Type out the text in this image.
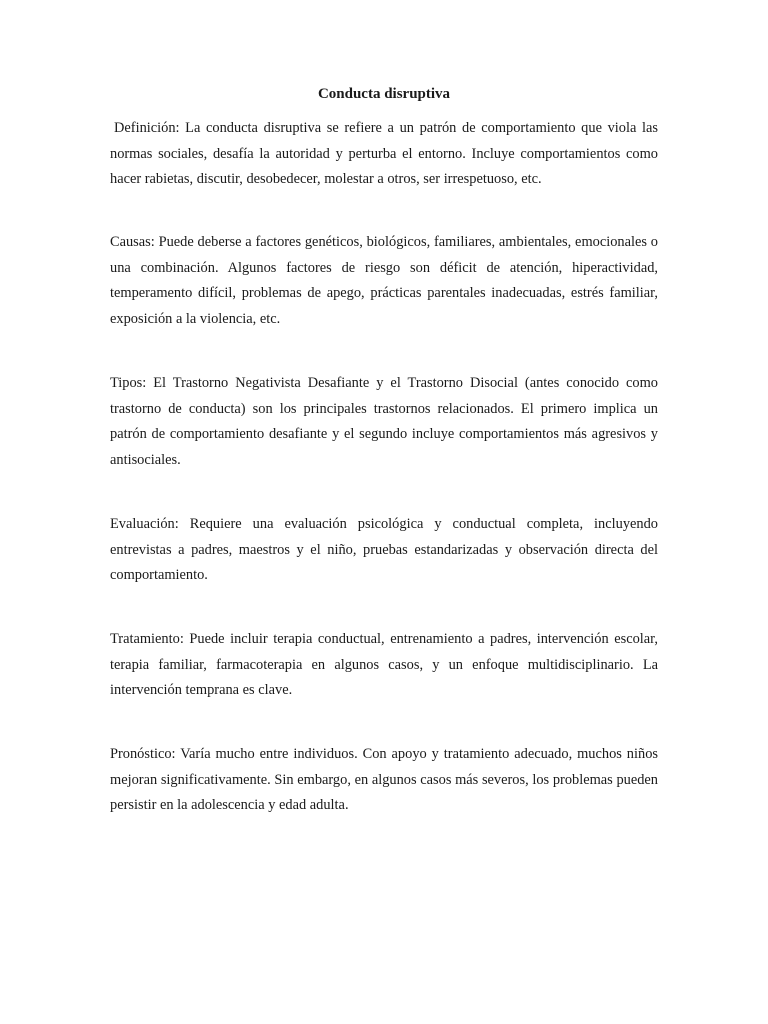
Conducta disruptiva

Definición: La conducta disruptiva se refiere a un patrón de comportamiento que viola las normas sociales, desafía la autoridad y perturba el entorno. Incluye comportamientos como hacer rabietas, discutir, desobedecer, molestar a otros, ser irrespetuoso, etc.

Causas: Puede deberse a factores genéticos, biológicos, familiares, ambientales, emocionales o una combinación. Algunos factores de riesgo son déficit de atención, hiperactividad, temperamento difícil, problemas de apego, prácticas parentales inadecuadas, estrés familiar, exposición a la violencia, etc.

Tipos: El Trastorno Negativista Desafiante y el Trastorno Disocial (antes conocido como trastorno de conducta) son los principales trastornos relacionados. El primero implica un patrón de comportamiento desafiante y el segundo incluye comportamientos más agresivos y antisociales.

Evaluación: Requiere una evaluación psicológica y conductual completa, incluyendo entrevistas a padres, maestros y el niño, pruebas estandarizadas y observación directa del comportamiento.

Tratamiento: Puede incluir terapia conductual, entrenamiento a padres, intervención escolar, terapia familiar, farmacoterapia en algunos casos, y un enfoque multidisciplinario. La intervención temprana es clave.

Pronóstico: Varía mucho entre individuos. Con apoyo y tratamiento adecuado, muchos niños mejoran significativamente. Sin embargo, en algunos casos más severos, los problemas pueden persistir en la adolescencia y edad adulta.
